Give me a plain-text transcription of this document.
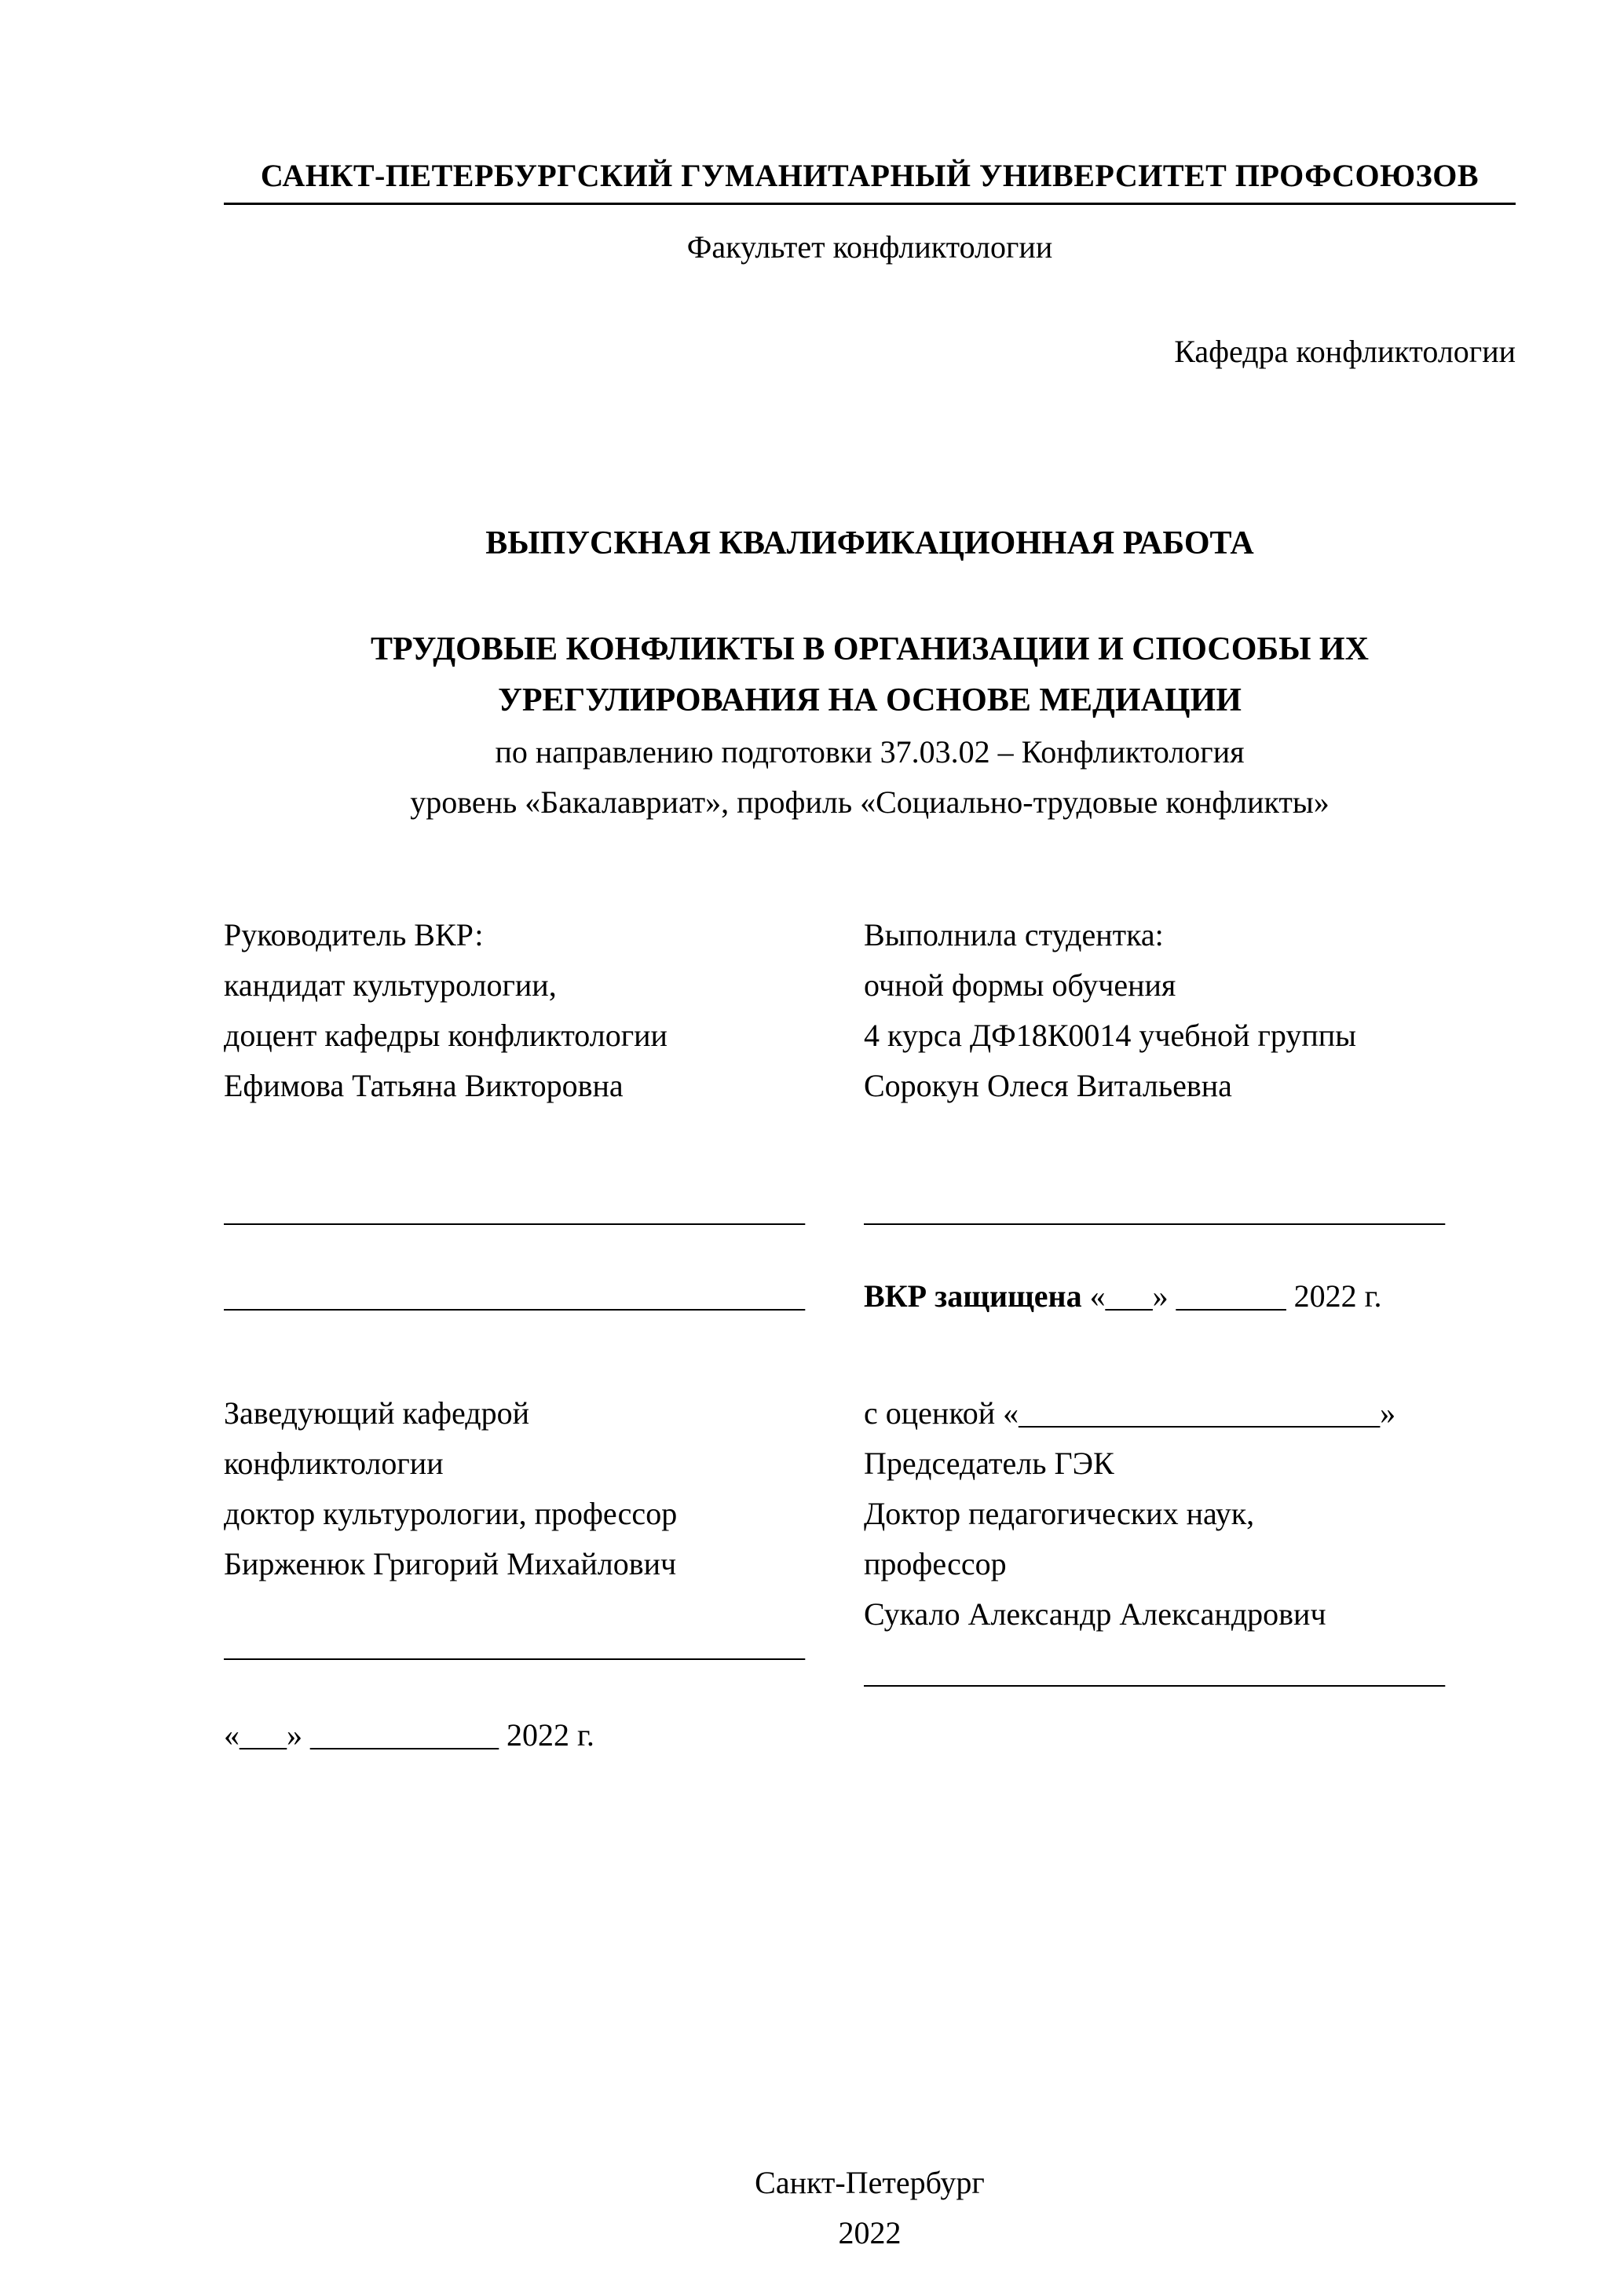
САНКТ-ПЕТЕРБУРГСКИЙ ГУМАНИТАРНЫЙ УНИВЕРСИТЕТ ПРОФСОЮЗОВ
Факультет конфликтологии
Кафедра конфликтологии
ВЫПУСКНАЯ КВАЛИФИКАЦИОННАЯ РАБОТА
ТРУДОВЫЕ КОНФЛИКТЫ В ОРГАНИЗАЦИИ И СПОСОБЫ ИХ УРЕГУЛИРОВАНИЯ НА ОСНОВЕ МЕДИАЦИИ
по направлению подготовки 37.03.02 – Конфликтология
уровень «Бакалавриат», профиль «Социально-трудовые конфликты»
Руководитель ВКР:
кандидат культурологии,
доцент кафедры конфликтологии
Ефимова Татьяна Викторовна
Выполнила студентка:
очной формы обучения
4 курса ДФ18К0014 учебной группы
Сорокун Олеся Витальевна
_____________________________________ _____________________________________
_____________________________________ ВКР защищена «___» _______ 2022 г.
Заведующий кафедрой
конфликтологии
доктор культурологии, профессор
Бирженюк Григорий Михайлович
_____________________________________
«___» ____________ 2022 г.
с оценкой «_______________________»
Председатель ГЭК
Доктор педагогических наук,
профессор
Сукало Александр Александрович
_____________________________________
Санкт-Петербург
2022
